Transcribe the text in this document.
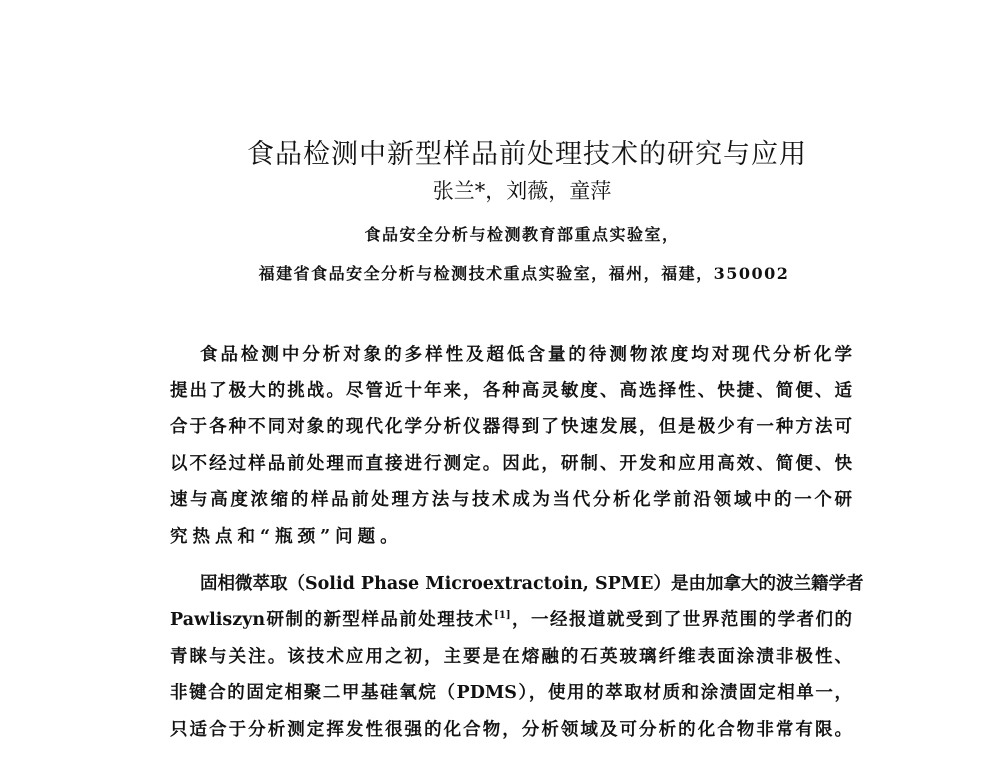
食品检测中新型样品前处理技术的研究与应用
张兰*，刘薇，童萍
食品安全分析与检测教育部重点实验室，
福建省食品安全分析与检测技术重点实验室，福州，福建，350002
食品检测中分析对象的多样性及超低含量的待测物浓度均对现代分析化学
提出了极大的挑战。尽管近十年来，各种高灵敏度、高选择性、快捷、简便、适
合于各种不同对象的现代化学分析仪器得到了快速发展，但是极少有一种方法可
以不经过样品前处理而直接进行测定。因此，研制、开发和应用高效、简便、快
速与高度浓缩的样品前处理方法与技术成为当代分析化学前沿领域中的一个研
究热点和“瓶颈”问题。
固相微萃取（Solid Phase Microextractoin, SPME）是由加拿大的波兰籍学者
Pawliszyn研制的新型样品前处理技术[1]，一经报道就受到了世界范围的学者们的
青睐与关注。该技术应用之初，主要是在熔融的石英玻璃纤维表面涂渍非极性、
非键合的固定相聚二甲基硅氧烷（PDMS），使用的萃取材质和涂渍固定相单一，
只适合于分析测定挥发性很强的化合物，分析领域及可分析的化合物非常有限。
